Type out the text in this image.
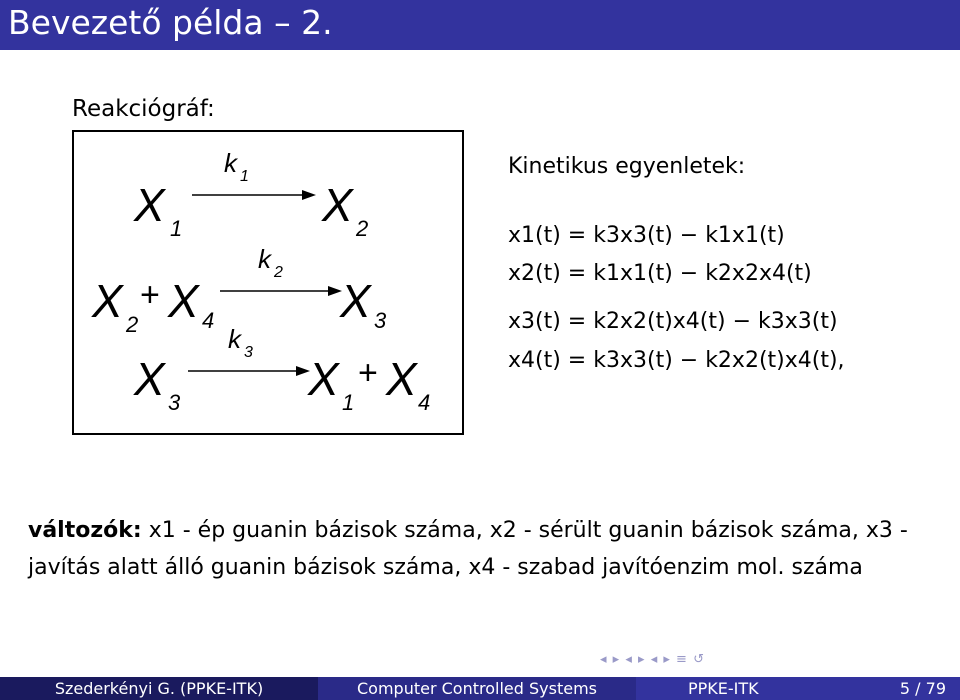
Bevezető példa – 2.
Reakciógráf:
X 1
k 1
X 2
X 2
+ X 4
k 2
X 3
X 3
k 3
X 1
+ X 4
Kinetikus egyenletek:
x1(t) = k3x3(t) − k1x1(t)
x2(t) = k1x1(t) − k2x2x4(t)
x3(t) = k2x2(t)x4(t) − k3x3(t)
x4(t) = k3x3(t) − k2x2(t)x4(t),
változók: x1 - ép guanin bázisok száma, x2 - sérült guanin bázisok száma, x3 - javítás alatt álló guanin bázisok száma, x4 - szabad javítóenzim mol. száma
◂ ▸ ◂ ▸ ◂ ▸ ≡ ↺
Szederkényi G. (PPKE-ITK)	Computer Controlled Systems	PPKE-ITK	5 / 79
